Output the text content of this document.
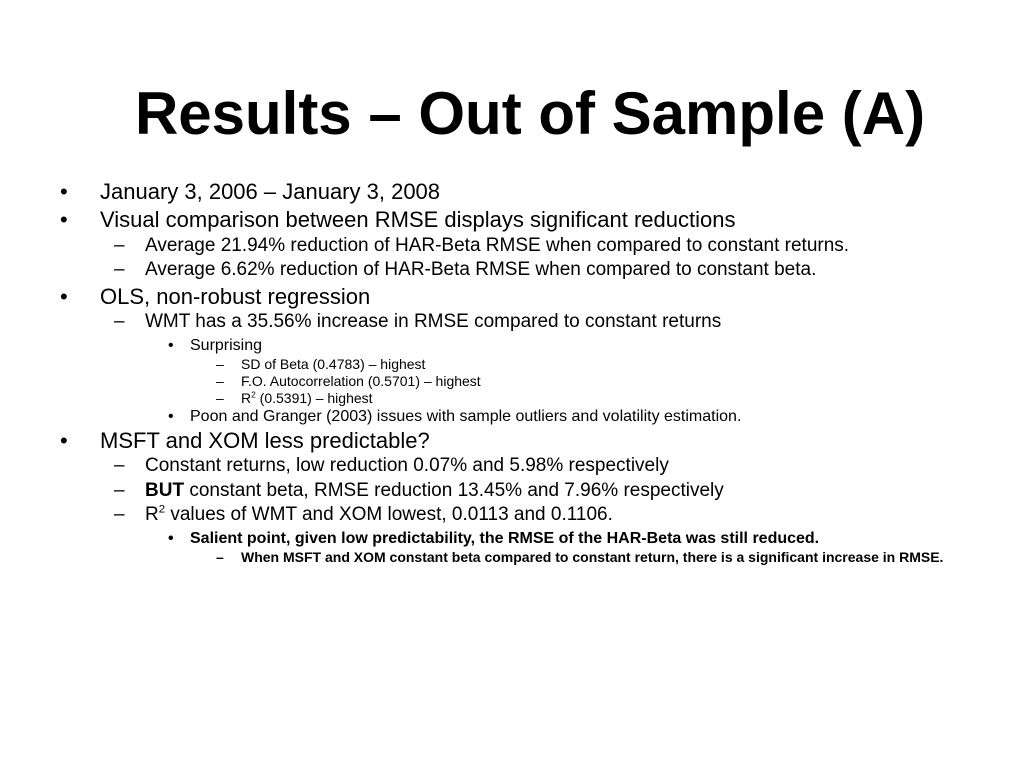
Results – Out of Sample (A)
• January 3, 2006 – January 3, 2008
• Visual comparison between RMSE displays significant reductions
– Average 21.94% reduction of HAR-Beta RMSE when compared to constant returns.
– Average 6.62% reduction of HAR-Beta RMSE when compared to constant beta.
• OLS, non-robust regression
– WMT has a 35.56% increase in RMSE compared to constant returns
• Surprising
– SD of Beta (0.4783) – highest
– F.O. Autocorrelation (0.5701) – highest
– $R^2$ (0.5391) – highest
• Poon and Granger (2003) issues with sample outliers and volatility estimation.
• MSFT and XOM less predictable?
– Constant returns, low reduction 0.07% and 5.98% respectively
– BUT constant beta, RMSE reduction 13.45% and 7.96% respectively
– $R^2$ values of WMT and XOM lowest, 0.0113 and 0.1106.
• Salient point, given low predictability, the RMSE of the HAR-Beta was still reduced.
– When MSFT and XOM constant beta compared to constant return, there is a significant increase in RMSE.
